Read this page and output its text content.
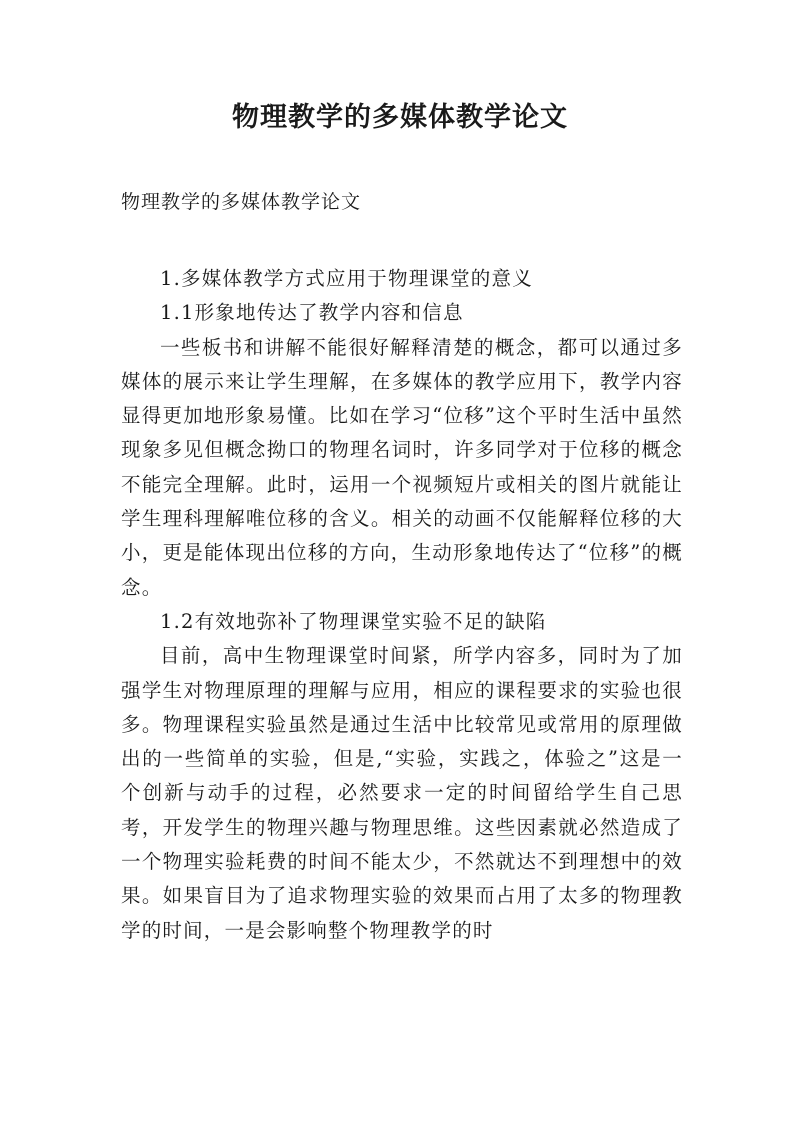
物理教学的多媒体教学论文
物理教学的多媒体教学论文

1.多媒体教学方式应用于物理课堂的意义

1.1形象地传达了教学内容和信息

一些板书和讲解不能很好解释清楚的概念，都可以通过多媒体的展示来让学生理解，在多媒体的教学应用下，教学内容显得更加地形象易懂。比如在学习“位移”这个平时生活中虽然现象多见但概念拗口的物理名词时，许多同学对于位移的概念不能完全理解。此时，运用一个视频短片或相关的图片就能让学生理科理解唯位移的含义。相关的动画不仅能解释位移的大小，更是能体现出位移的方向，生动形象地传达了“位移”的概念。

1.2有效地弥补了物理课堂实验不足的缺陷

目前，高中生物理课堂时间紧，所学内容多，同时为了加强学生对物理原理的理解与应用，相应的课程要求的实验也很多。物理课程实验虽然是通过生活中比较常见或常用的原理做出的一些简单的实验，但是,“实验，实践之，体验之”这是一个创新与动手的过程，必然要求一定的时间留给学生自己思考，开发学生的物理兴趣与物理思维。这些因素就必然造成了一个物理实验耗费的时间不能太少，不然就达不到理想中的效果。如果盲目为了追求物理实验的效果而占用了太多的物理教学的时间，一是会影响整个物理教学的时
